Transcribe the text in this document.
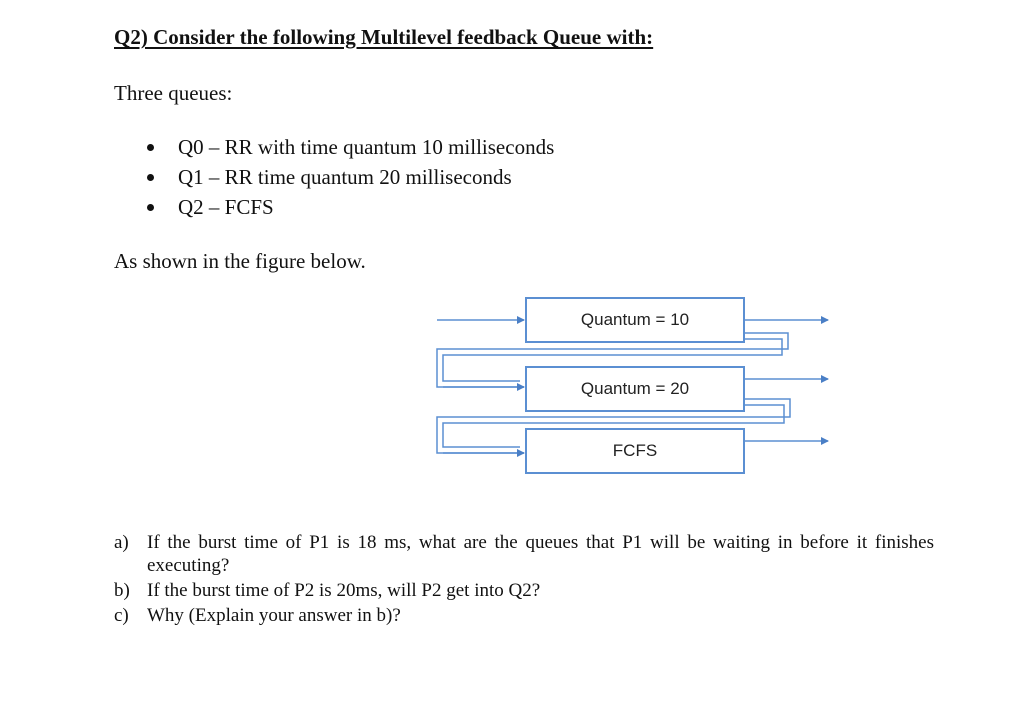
Q2) Consider the following Multilevel feedback Queue with:
Three queues:
Q0 – RR with time quantum 10 milliseconds
Q1 – RR time quantum 20 milliseconds
Q2 – FCFS
As shown in the figure below.
Quantum = 10
Quantum = 20
FCFS
a) If the burst time of P1 is 18 ms, what are the queues that P1 will be waiting in before it finishes executing?
b) If the burst time of P2 is 20ms, will P2 get into Q2?
c) Why (Explain your answer in b)?
